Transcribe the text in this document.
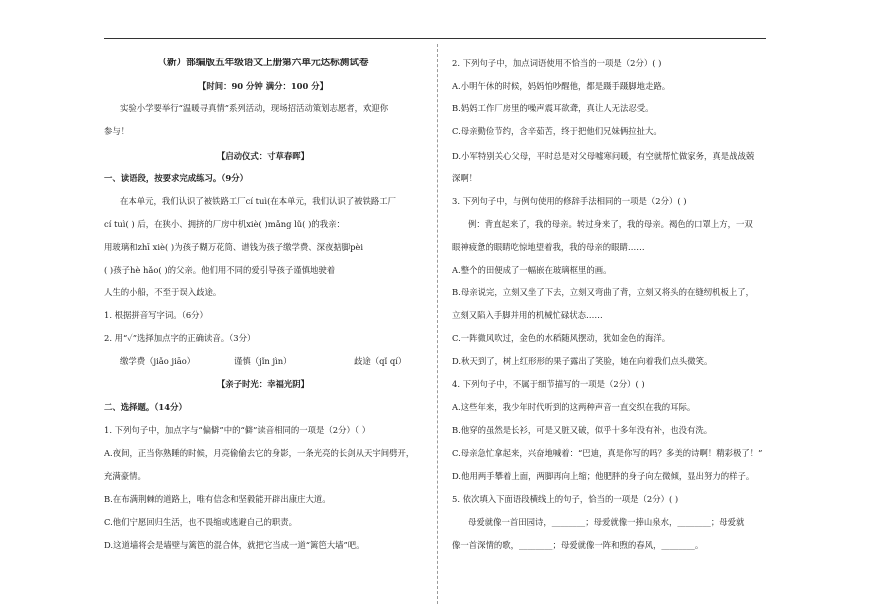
（新）部编版五年级语文上册第六单元达标测试卷
【时间：90 分钟 满分：100 分】
实验小学要举行“温暖寻真情”系列活动，现场招活动策划志愿者，欢迎你
参与！
【启动仪式：寸草春晖】
一、读语段，按要求完成练习。（9分）
在本单元，我们认识了被铁路工厂cí tuì(在本单元，我们认识了被铁路工厂
cí tuì( ) 后，在狭小、拥挤的厂房中机xiè( )mǎng lǔ( )的我亲：
用玻璃和zhī xiè( )为孩子糊万花筒、谱钱为孩子缴学费、深夜掂脚pèi
( )孩子hè hǎo( )的父亲。他们用不同的爱引导孩子谨慎地驶着
人生的小船，不至于误入歧途。
1. 根据拼音写字词。（6分）
2. 用“✓”选择加点字的正确读音。（3分）
缴学费（jiǎo jiāo）	谨慎（jǐn jìn）	歧途（qǐ qí）
【亲子时光：幸福光阴】
二、选择题。（14分）
1. 下列句子中，加点字与“偏僻”中的“僻”读音相同的一项是（2分）（ ）
A.夜间，正当你熟睡的时候，月亮偷偷去它的身影，一条光亮的长剑从天宇间劈开，
充满豪情。
B.在布满荆棘的道路上，唯有信念和坚毅能开辟出康庄大道。
C.他们宁愿回归生活，也不畏缩或逃避自己的职责。
D.这道墙将会是墙壁与篱笆的混合体，就把它当成一道“篱笆大墙”吧。
2. 下列句子中，加点词语使用不恰当的一项是（2分）( )
A.小明午休的时候，妈妈怕吵醒他，都是蹑手蹑脚地走路。
B.妈妈工作厂房里的噪声震耳欲聋，真让人无法忍受。
C.母亲勤俭节约，含辛茹苦，终于把他们兄妹俩拉扯大。
D.小军特别关心父母，平时总是对父母嘘寒问暖，有空就帮忙做家务，真是战战兢
深啊！
3. 下列句子中，与例句使用的修辞手法相同的一项是（2分）( )
例：背直起来了，我的母亲。转过身来了，我的母亲。褐色的口罩上方，一双
眼神疲惫的眼睛吃惊地望着我，我的母亲的眼睛……
A.整个的田便成了一幅嵌在玻璃框里的画。
B.母亲说完，立刻又坐了下去，立刻又弯曲了背，立刻又将头的在缝纫机板上了，
立刻又陷入手脚并用的机械忙碌状态……
C.一阵微风吹过，金色的水稻随风摆动，犹如金色的海洋。
D.秋天到了，树上红形形的果子露出了笑脸，她在向着我们点头微笑。
4. 下列句子中，不属于细节描写的一项是（2分）( )
A.这些年来，我少年时代听到的这两种声音一直交织在我的耳际。
B.他穿的虽然是长衫，可是又脏又破，似乎十多年没有补，也没有洗。
C.母亲急忙拿起来，兴奋地喊着：“巴迪，真是你写的吗？多美的诗啊！精彩极了！”
D.他用两手攀着上面，两脚再向上缩；他肥胖的身子向左微倾，显出努力的样子。
5. 依次填入下面语段横线上的句子，恰当的一项是（2分）( )
母爱就像一首田园诗，________；母爱就像一捧山泉水，________；母爱就
像一首深情的歌，________；母爱就像一阵和煦的春风，________。
